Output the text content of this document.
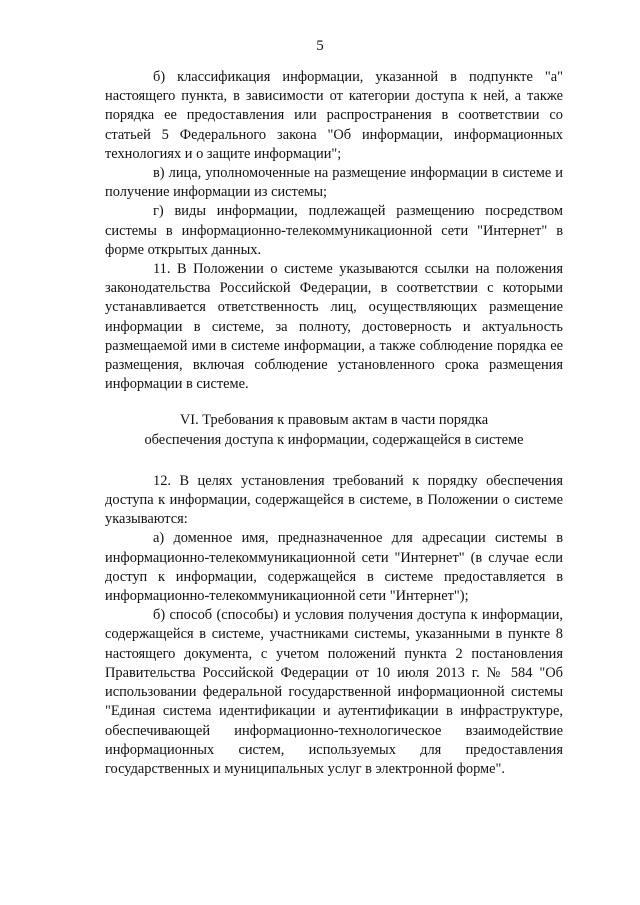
5

б) классификация информации, указанной в подпункте "а" настоящего пункта, в зависимости от категории доступа к ней, а также порядка ее предоставления или распространения в соответствии со статьей 5 Федерального закона "Об информации, информационных технологиях и о защите информации";

в) лица, уполномоченные на размещение информации в системе и получение информации из системы;

г) виды информации, подлежащей размещению посредством системы в информационно-телекоммуникационной сети "Интернет" в форме открытых данных.

11. В Положении о системе указываются ссылки на положения законодательства Российской Федерации, в соответствии с которыми устанавливается ответственность лиц, осуществляющих размещение информации в системе, за полноту, достоверность и актуальность размещаемой ими в системе информации, а также соблюдение порядка ее размещения, включая соблюдение установленного срока размещения информации в системе.

VI. Требования к правовым актам в части порядка
обеспечения доступа к информации, содержащейся в системе

12. В целях установления требований к порядку обеспечения доступа к информации, содержащейся в системе, в Положении о системе указываются:

а) доменное имя, предназначенное для адресации системы в информационно-телекоммуникационной сети "Интернет" (в случае если доступ к информации, содержащейся в системе предоставляется в информационно-телекоммуникационной сети "Интернет");

б) способ (способы) и условия получения доступа к информации, содержащейся в системе, участниками системы, указанными в пункте 8 настоящего документа, с учетом положений пункта 2 постановления Правительства Российской Федерации от 10 июля 2013 г. № 584 "Об использовании федеральной государственной информационной системы "Единая система идентификации и аутентификации в инфраструктуре, обеспечивающей информационно-технологическое взаимодействие информационных систем, используемых для предоставления государственных и муниципальных услуг в электронной форме".
